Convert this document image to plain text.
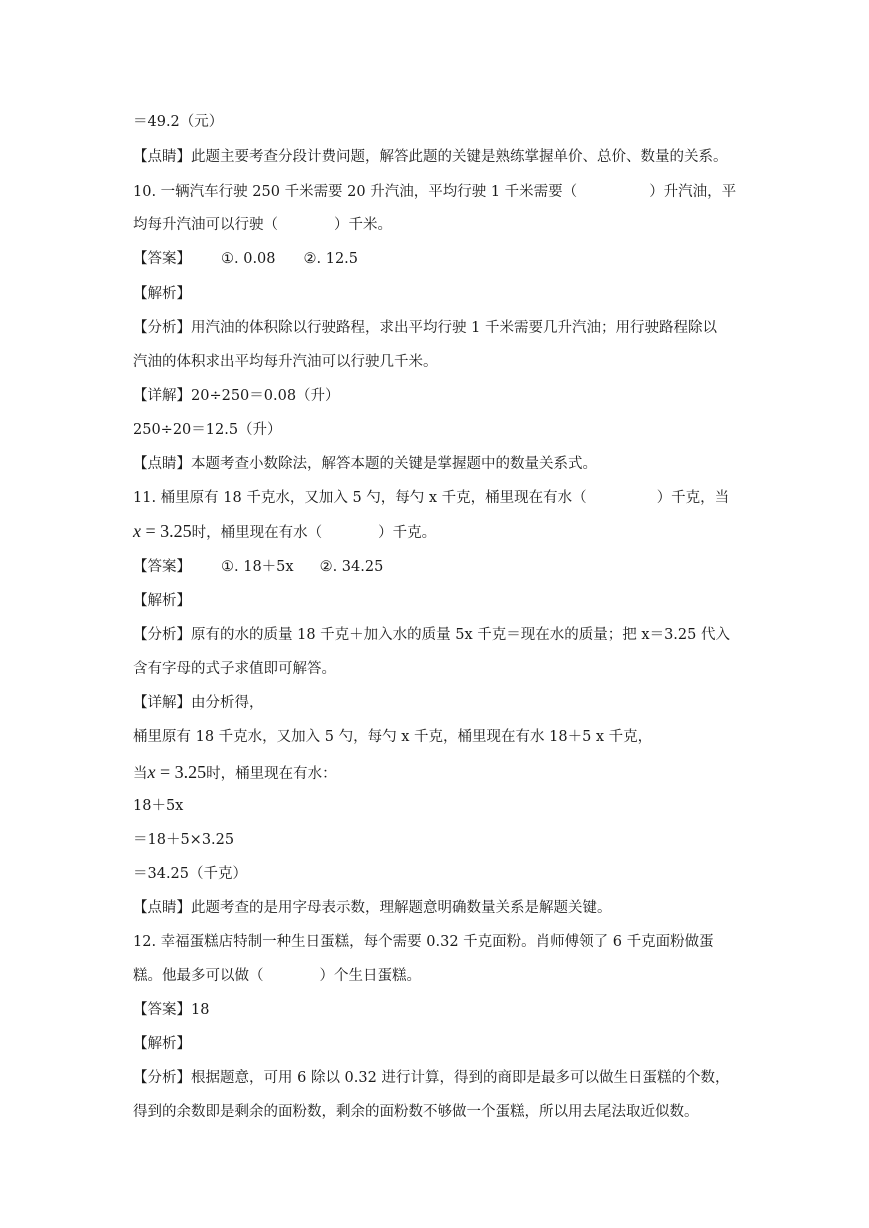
＝49.2（元）
【点睛】此题主要考查分段计费问题，解答此题的关键是熟练掌握单价、总价、数量的关系。
10. 一辆汽车行驶 250 千米需要 20 升汽油，平均行驶 1 千米需要（	）升汽油，平
均每升汽油可以行驶（	）千米。
【答案】 ①. 0.08 ②. 12.5
【解析】
【分析】用汽油的体积除以行驶路程，求出平均行驶 1 千米需要几升汽油；用行驶路程除以
汽油的体积求出平均每升汽油可以行驶几千米。
【详解】20÷250＝0.08（升）
250÷20＝12.5（升）
【点睛】本题考查小数除法，解答本题的关键是掌握题中的数量关系式。
11. 桶里原有 18 千克水，又加入 5 勺，每勺 x 千克，桶里现在有水（	）千克，当
x = 3.25时，桶里现在有水（	）千克。
【答案】 ①. 18＋5x ②. 34.25
【解析】
【分析】原有的水的质量 18 千克＋加入水的质量 5x 千克＝现在水的质量；把 x＝3.25 代入
含有字母的式子求值即可解答。
【详解】由分析得，
桶里原有 18 千克水，又加入 5 勺，每勺 x 千克，桶里现在有水 18＋5 x 千克，
当x = 3.25时，桶里现在有水：
18＋5x
＝18＋5×3.25
＝34.25（千克）
【点睛】此题考查的是用字母表示数，理解题意明确数量关系是解题关键。
12. 幸福蛋糕店特制一种生日蛋糕，每个需要 0.32 千克面粉。肖师傅领了 6 千克面粉做蛋
糕。他最多可以做（	）个生日蛋糕。
【答案】18
【解析】
【分析】根据题意，可用 6 除以 0.32 进行计算，得到的商即是最多可以做生日蛋糕的个数，
得到的余数即是剩余的面粉数，剩余的面粉数不够做一个蛋糕，所以用去尾法取近似数。
